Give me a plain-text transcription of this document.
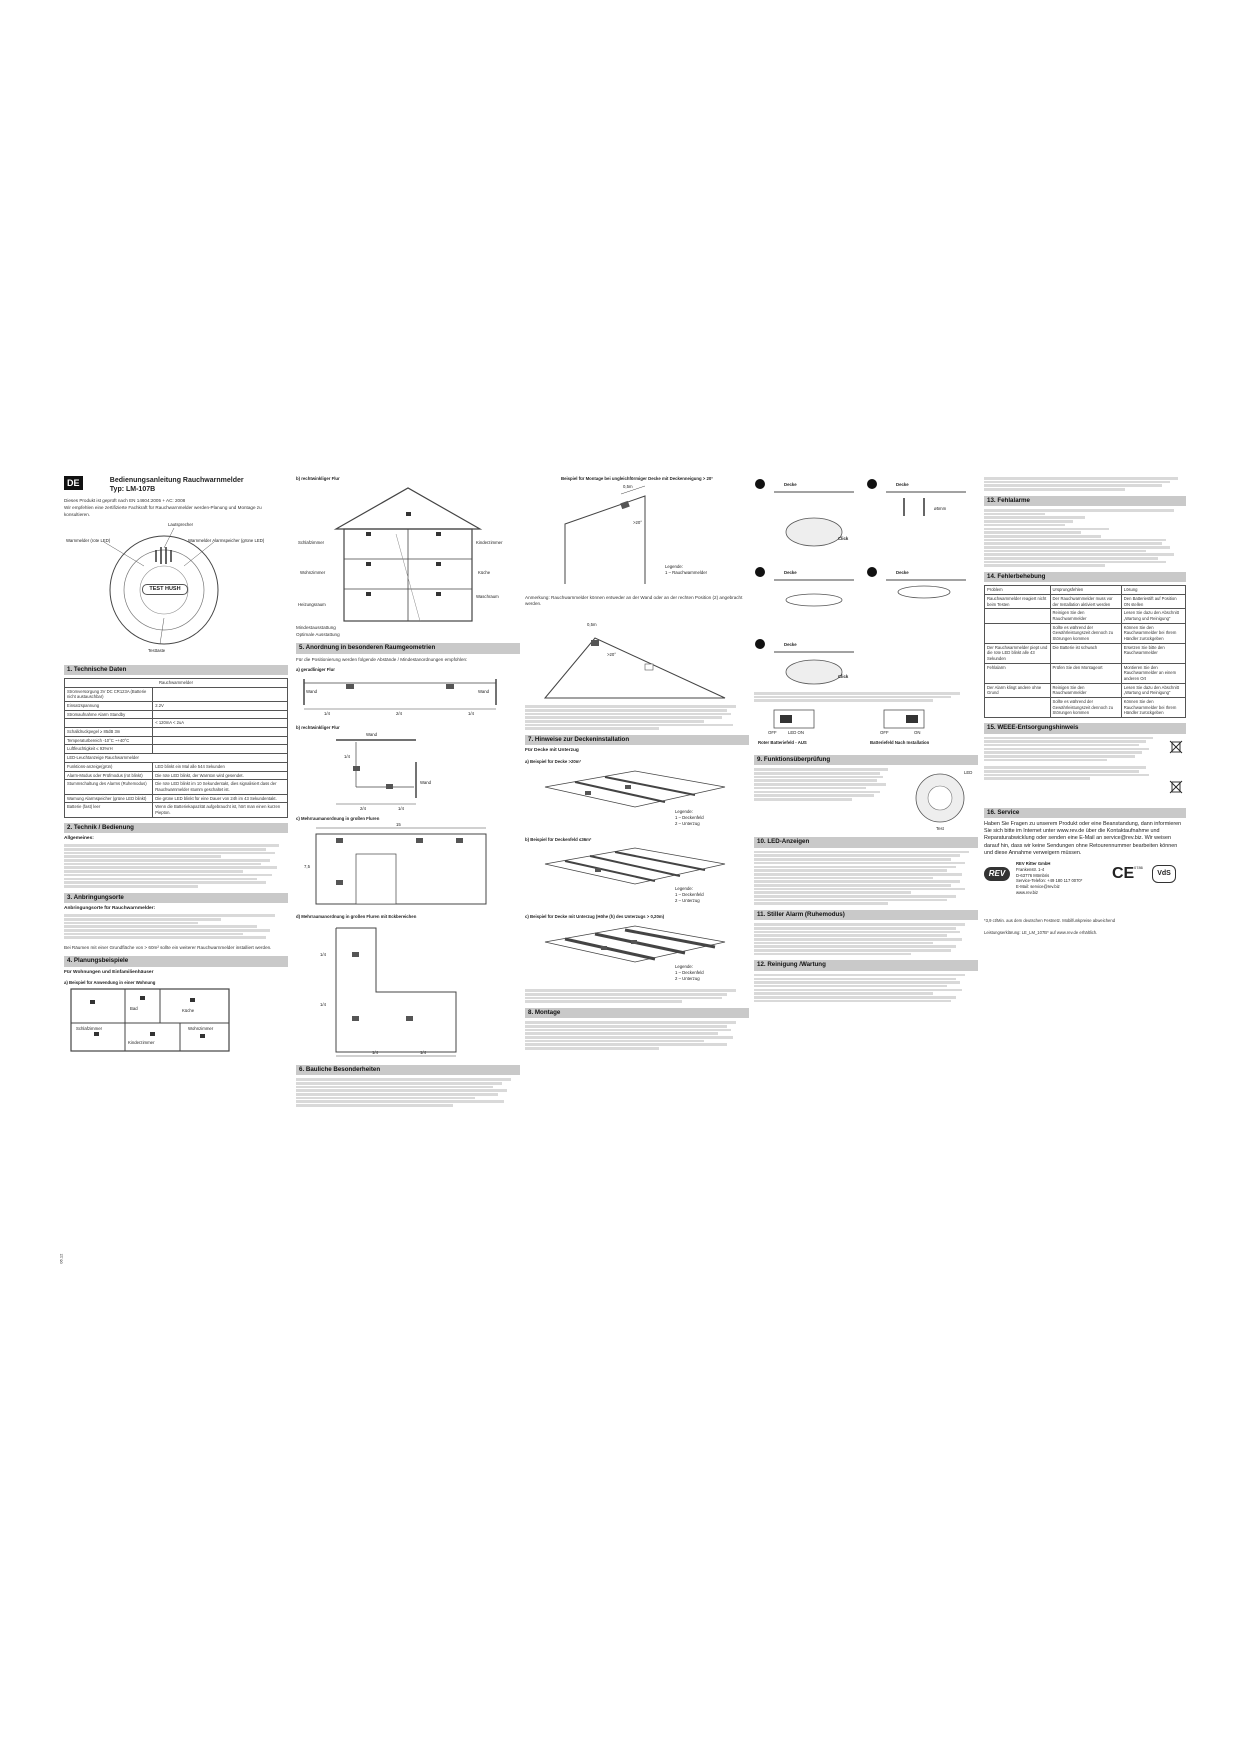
DE	Bedienungsanleitung Rauchwarnmelder
Typ: LM-107B
Dieses Produkt ist geprüft nach EN 14604:2005 + AC: 2008
Wir empfehlen eine zertifizierte Fachkraft für Rauchwarnmelder werden-Planung und Montage zu konsultieren.
Lautsprecher
Warnmelder (rote LED)	Warnmelder Alarmspeicher (grüne LED)
TEST HUSH
Testtaste
1. Technische Daten
Rauchwarnmelder	
Stromversorgung 3V DC CR123A (Batterie nicht austauschbar)	
Einsatzspannung	2.2V
Stromaufnahme Alarm Standby	
	< 120mA < 2uA
Schalldruckpegel ≥ 85dB 3m	
Temperaturbereich -10°C ~+40°C	
Luftfeuchtigkeit ≤ 93%rH	
LED-Leuchtanzeige Rauchwarnmelder	
Funktions-anzeige(grün)	LED blinkt ein Mal alle 544 Sekunden
Alarm-Modus oder Prüfmodus (rot blinkt)	Die rote LED blinkt, der Warnton wird gesendet.
Stummschaltung des Alarms (Ruhemodus)	Die rote LED blinkt im 10 Sekundentakt, dies signalisiert dass der Rauchwarnmelder stumm geschaltet ist.
Warnung Alarmspeicher (grüne LED blinkt)	Die grüne LED blinkt für eine Dauer von 24h im 43 Sekundentakt.
Batterie (fast) leer	Wenn die Batteriekapazität aufgebraucht ist, hört man einen kurzen Piepton.
2. Technik / Bedienung
Allgemeines:
3. Anbringungsorte
Anbringungsorte für Rauchwarnmelder:
Bei Räumen mit einer Grundfläche von > 60m² sollte ein weiterer Rauchwarnmelder installiert werden.
4. Planungsbeispiele
Für Wohnungen und Einfamilienhäuser
a) Beispiel für Anwendung in einer Wohnung
Bad	Küche
Schlafzimmer
Kinderzimmer
Wohnzimmer
06.12
b) rechtwinkliger Flur
Schlafzimmer	Kinderzimmer
Wohnzimmer	Küche
Heizungsraum
Waschraum
Mindestausstattung
Optimale Ausstattung
5. Anordnung in besonderen Raumgeometrien
Für die Positionierung werden folgende Abstände / Mindestanordnungen empfohlen:
a) geradliniger Flur
Wand	Wand
1/4	2/4	1/4
b) rechtwinkliger Flur
Wand
Wand
1/4
2/4	1/4
c) Mehrraumanordnung in großen Fluren
15
7,5
d) Mehrraumanordnung in großen Fluren mit Eckbereichen
1/4
1/4
1/4	1/4
6. Bauliche Besonderheiten
Beispiel für Montage bei ungleichförmiger Decke mit Deckenneigung > 20°
0,5m
>20°
Legende:
1 – Rauchwarnmelder
Anmerkung: Rauchwarnmelder können entweder an der Wand oder an der rechten Position (2) angebracht werden.
0,5m
>20°
7. Hinweise zur Deckeninstallation
Für Decke mit Unterzug
a) Beispiel für Decke >20m²
Legende:
1 – Deckenfeld
2 – Unterzug
b) Beispiel für Deckenfeld ≤36m²
Legende:
1 – Deckenfeld
2 – Unterzug
c) Beispiel für Decke mit Unterzug (Höhe (h) des Unterzugs > 0,20m)
Legende:
1 – Deckenfeld
2 – Unterzug
8. Montage
Decke	Decke
ø5mm
Click
Decke	Decke
Decke
Click
OFF	LED ON	OFF	ON
Roter Batteriefeld - AUS	Batteriefeld Nach Installation
9. Funktionsüberprüfung
LED
Test
10. LED-Anzeigen
11. Stiller Alarm (Ruhemodus)
12. Reinigung /Wartung
13. Fehlalarme
14. Fehlerbehebung
Problem	Ursprungsfehlen	Lösung
Rauchwarnmelder reagiert nicht beim Testen	Der Rauchwarnmelder muss vor der Installation aktiviert werden	Den Batteriestift auf Position ON stellen
	Reinigen Sie den Rauchwarnmelder	Lesen Sie dazu den Abschnitt „Wartung und Reinigung“
	Sollte es während der Gewährleistungszeit dennoch zu Störungen kommen	Können Sie den Rauchwarnmelder bei Ihrem Händler zurückgeben
Der Rauchwarnmelder piept und die rote LED blinkt alle 43 Sekunden	Die Batterie ist schwach	Ersetzen Sie bitte den Rauchwarnmelder
Fehlalarm	Prüfen Sie den Montageort	Montieren Sie den Rauchwarnmelder an einem anderen Ort
Der Alarm klingt andere ohne Grund	Reinigen Sie den Rauchwarnmelder	Lesen Sie dazu den Abschnitt „Wartung und Reinigung“
	Sollte es während der Gewährleistungszeit dennoch zu Störungen kommen	Können Sie den Rauchwarnmelder bei Ihrem Händler zurückgeben
15. WEEE-Entsorgungshinweis
16. Service
Haben Sie Fragen zu unserem Produkt oder eine Beanstandung, dann informieren Sie sich bitte im Internet unter www.rev.de über die Kontaktaufnahme und Reparaturabwicklung oder senden eine E-Mail an service@rev.biz. Wir weisen darauf hin, dass wir keine Sendungen ohne Retourennummer bearbeiten können und diese Annahme verweigern müssen.
REV
REV Ritter GmbH
Frankenstr. 1-4
D-63776 Mömbris
Service-Telefon: +49 180 117 0070*
E-Mail: service@rev.biz
www.rev.biz
CE 0786
VdS
*3,9 ct/Min. aus dem deutschen Festnetz. Mobilfunkpreise abweichend
Leistungserklärung: LE_LM_107B* auf www.rev.de erhältlich.
